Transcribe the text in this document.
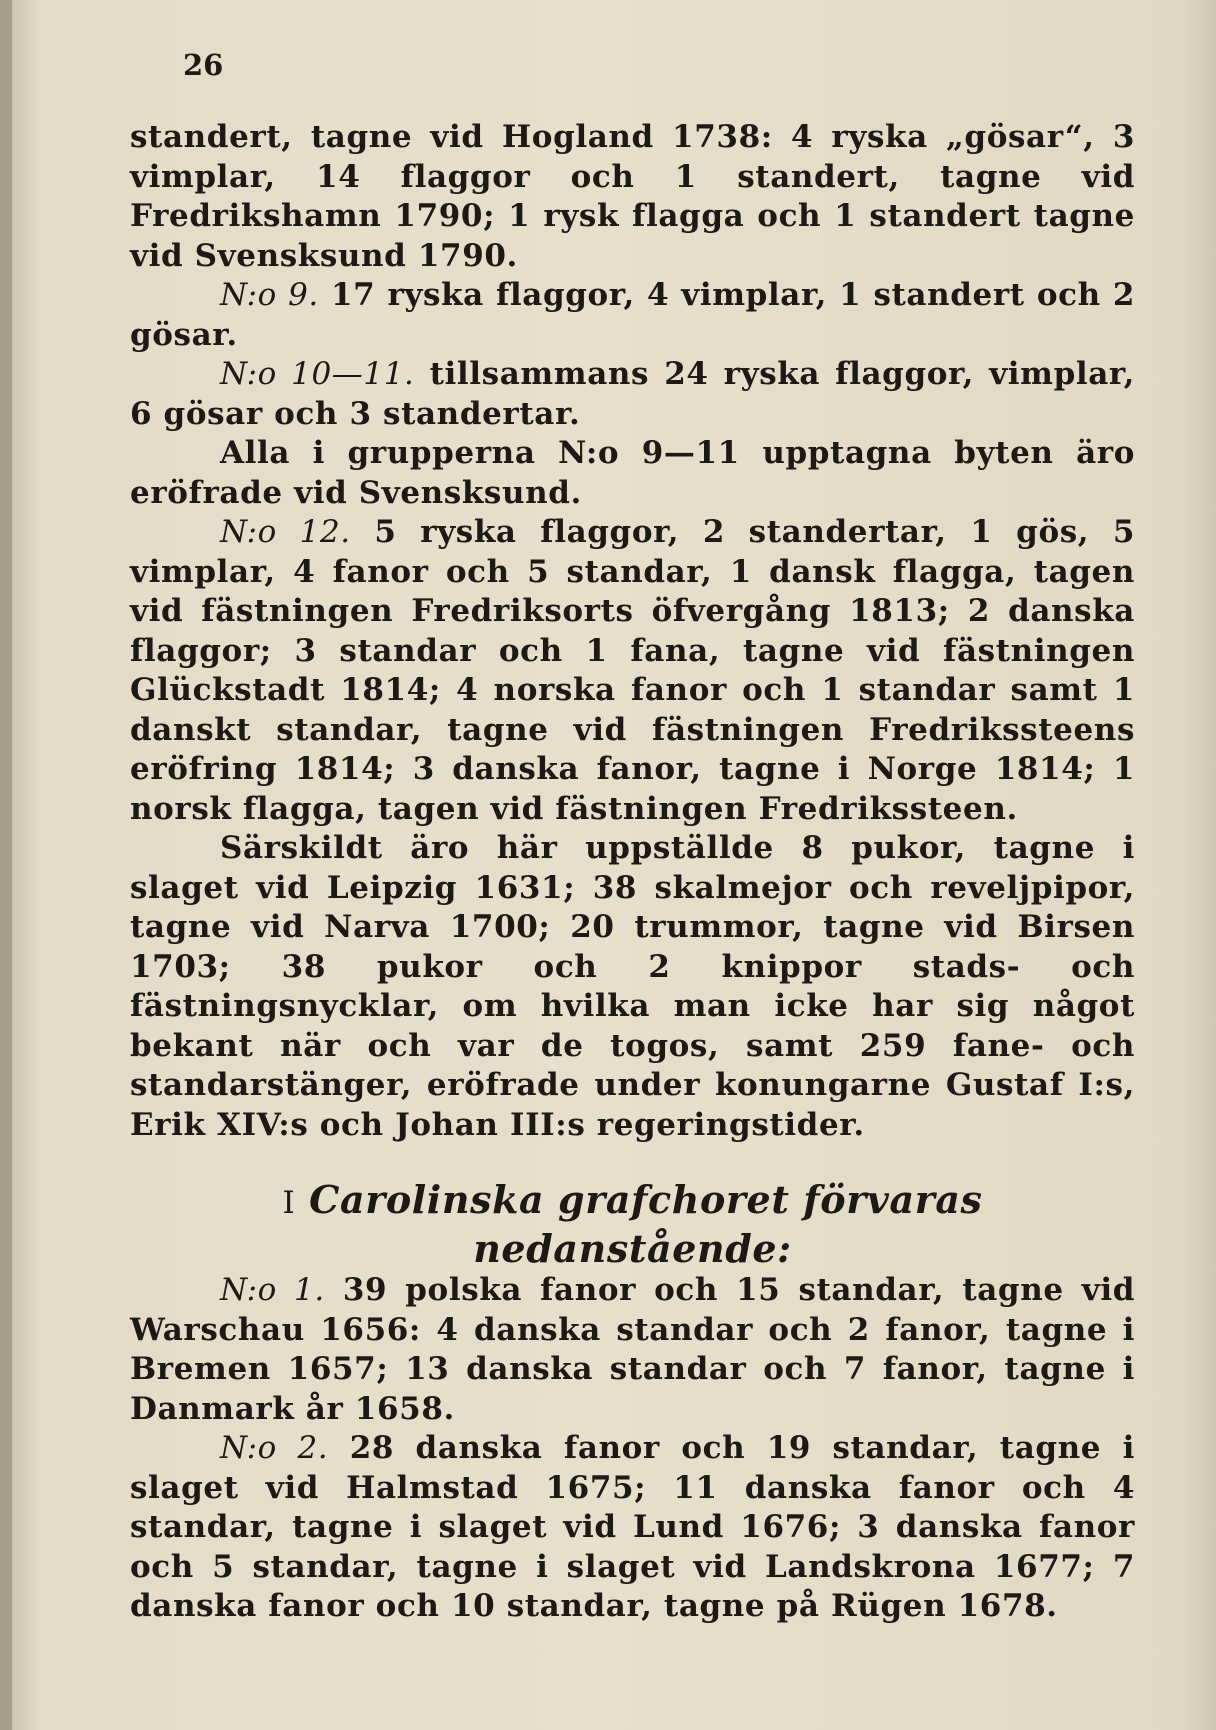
26

standert, tagne vid Hogland 1738: 4 ryska „gösar“, 3 vimplar, 14 flaggor och 1 standert, tagne vid Fredrikshamn 1790; 1 rysk flagga och 1 standert tagne vid Svensksund 1790.

N:o 9. 17 ryska flaggor, 4 vimplar, 1 standert och 2 gösar.

N:o 10—11. tillsammans 24 ryska flaggor, vimplar, 6 gösar och 3 standertar.

Alla i grupperna N:o 9—11 upptagna byten äro eröfrade vid Svensksund.

N:o 12. 5 ryska flaggor, 2 standertar, 1 gös, 5 vimplar, 4 fanor och 5 standar, 1 dansk flagga, tagen vid fästningen Fredriksorts öfvergång 1813; 2 danska flaggor; 3 standar och 1 fana, tagne vid fästningen Glückstadt 1814; 4 norska fanor och 1 standar samt 1 danskt standar, tagne vid fästningen Fredrikssteens eröfring 1814; 3 danska fanor, tagne i Norge 1814; 1 norsk flagga, tagen vid fästningen Fredrikssteen.

Särskildt äro här uppställde 8 pukor, tagne i slaget vid Leipzig 1631; 38 skalmejor och reveljpipor, tagne vid Narva 1700; 20 trummor, tagne vid Birsen 1703; 38 pukor och 2 knippor stads- och fästningsnycklar, om hvilka man icke har sig något bekant när och var de togos, samt 259 fane- och standarstänger, eröfrade under konungarne Gustaf I:s, Erik XIV:s och Johan III:s regeringstider.

I Carolinska grafchoret förvaras nedanstående:

N:o 1. 39 polska fanor och 15 standar, tagne vid Warschau 1656: 4 danska standar och 2 fanor, tagne i Bremen 1657; 13 danska standar och 7 fanor, tagne i Danmark år 1658.

N:o 2. 28 danska fanor och 19 standar, tagne i slaget vid Halmstad 1675; 11 danska fanor och 4 standar, tagne i slaget vid Lund 1676; 3 danska fanor och 5 standar, tagne i slaget vid Landskrona 1677; 7 danska fanor och 10 standar, tagne på Rügen 1678.
